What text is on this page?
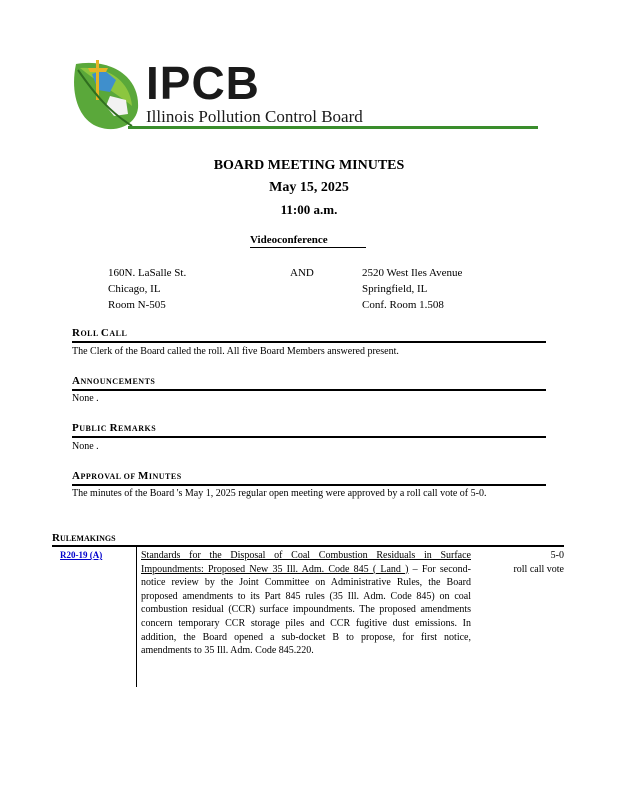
IPCB
Illinois Pollution Control Board
BOARD MEETING MINUTES
May 15, 2025
11:00 a.m.
Videoconference
160N. LaSalle St.
Chicago, IL
Room N-505
AND	2520 West Iles Avenue
Springfield, IL
Conf. Room 1.508
ROLL CALL
The Clerk of the Board called the roll. All five Board Members answered present.
ANNOUNCEMENTS
None .
PUBLIC REMARKS
None .
APPROVAL OF MINUTES
The minutes of the Board 's May 1, 2025 regular open meeting were approved by a roll call vote of 5-0.
RULEMAKINGS
R20-19 (A)	Standards for the Disposal of Coal Combustion Residuals in Surface Impoundments: Proposed New 35 Ill. Adm. Code 845 ( Land ) – For second-notice review by the Joint Committee on Administrative Rules, the Board proposed amendments to its Part 845 rules (35 Ill. Adm. Code 845) on coal combustion residual (CCR) surface impoundments. The proposed amendments concern temporary CCR storage piles and CCR fugitive dust emissions. In addition, the Board opened a sub-docket B to propose, for first notice, amendments to 35 Ill. Adm. Code 845.220.
5-0
roll call vote
